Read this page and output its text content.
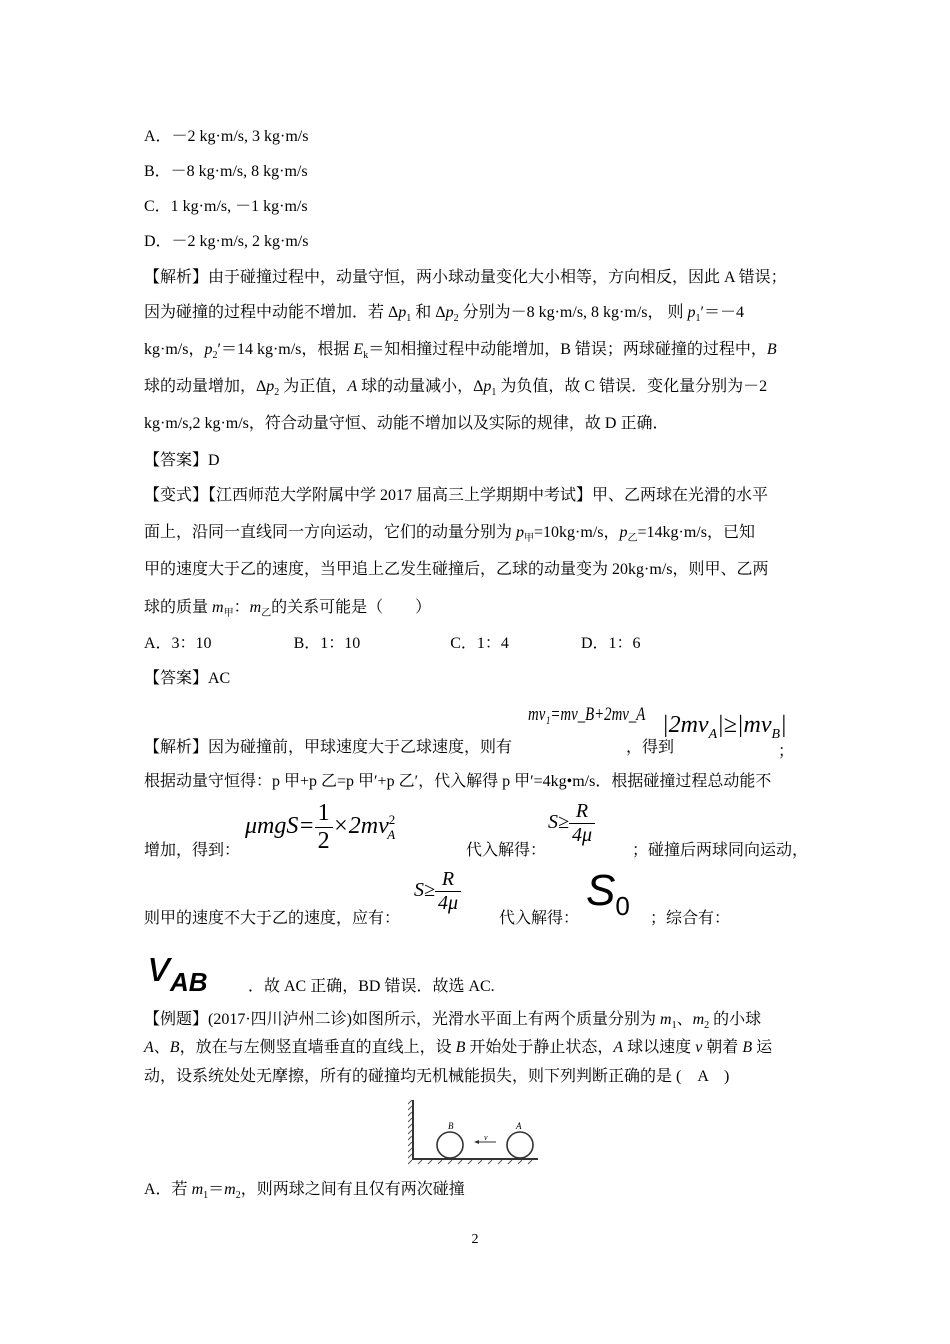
A．－2 kg·m/s, 3 kg·m/s
B．－8 kg·m/s, 8 kg·m/s
C．1 kg·m/s, －1 kg·m/s
D．－2 kg·m/s, 2 kg·m/s
【解析】由于碰撞过程中，动量守恒，两小球动量变化大小相等，方向相反，因此 A 错误；
因为碰撞的过程中动能不增加．若 $\Delta p_1$ 和 $\Delta p_2$ 分别为－8 kg·m/s, 8 kg·m/s， 则 $p_1'=-4$
kg·m/s，$p_2'=14$ kg·m/s，根据 $E_k=$知相撞过程中动能增加，B 错误；两球碰撞的过程中，B
球的动量增加，$\Delta p_2$ 为正值，A 球的动量减小，$\Delta p_1$ 为负值，故 C 错误．变化量分别为－2
kg·m/s,2 kg·m/s，符合动量守恒、动能不增加以及实际的规律，故 D 正确．
【答案】D
【变式】【江西师范大学附属中学 2017 届高三上学期期中考试】甲、乙两球在光滑的水平
面上，沿同一直线同一方向运动，它们的动量分别为 $p_甲=10kg\cdot m/s$，$p_乙=14kg\cdot m/s$，已知
甲的速度大于乙的速度，当甲追上乙发生碰撞后，乙球的动量变为 20kg·m/s，则甲、乙两
球的质量 $m_甲$：$m_乙$的关系可能是（　　）
A．3：10	B．1：10	C．1：4	D．1：6
【答案】AC
【解析】因为碰撞前，甲球速度大于乙球速度，则有
mv₁=mv_B+2mv_A
，得到
$|2mv_A|\ge|mv_B|$
；
根据动量守恒得：p 甲+p 乙=p 甲′+p 乙′，代入解得 p 甲′=4kg•m/s．根据碰撞过程总动能不
增加，得到：
$\mu mgS= \frac{1}{2} \times 2mv^2_A$
代入解得：
$S\ge \frac{R}{4\mu}$
；碰撞后两球同向运动，
则甲的速度不大于乙的速度，应有：
$S\ge \frac{R}{4\mu}$
代入解得：
$S_0$ ；综合有：
$v_{AB}$	．故 AC 正确，BD 错误．故选 AC.
【例题】(2017·四川泸州二诊)如图所示，光滑水平面上有两个质量分别为 $m_1$、$m_2$ 的小球
A、B，放在与左侧竖直墙垂直的直线上，设 B 开始处于静止状态，A 球以速度 v 朝着 B 运
动，设系统处处无摩擦，所有的碰撞均无机械能损失，则下列判断正确的是 (　A　)
B	A
v
A．若 $m_1=m_2$，则两球之间有且仅有两次碰撞
2
